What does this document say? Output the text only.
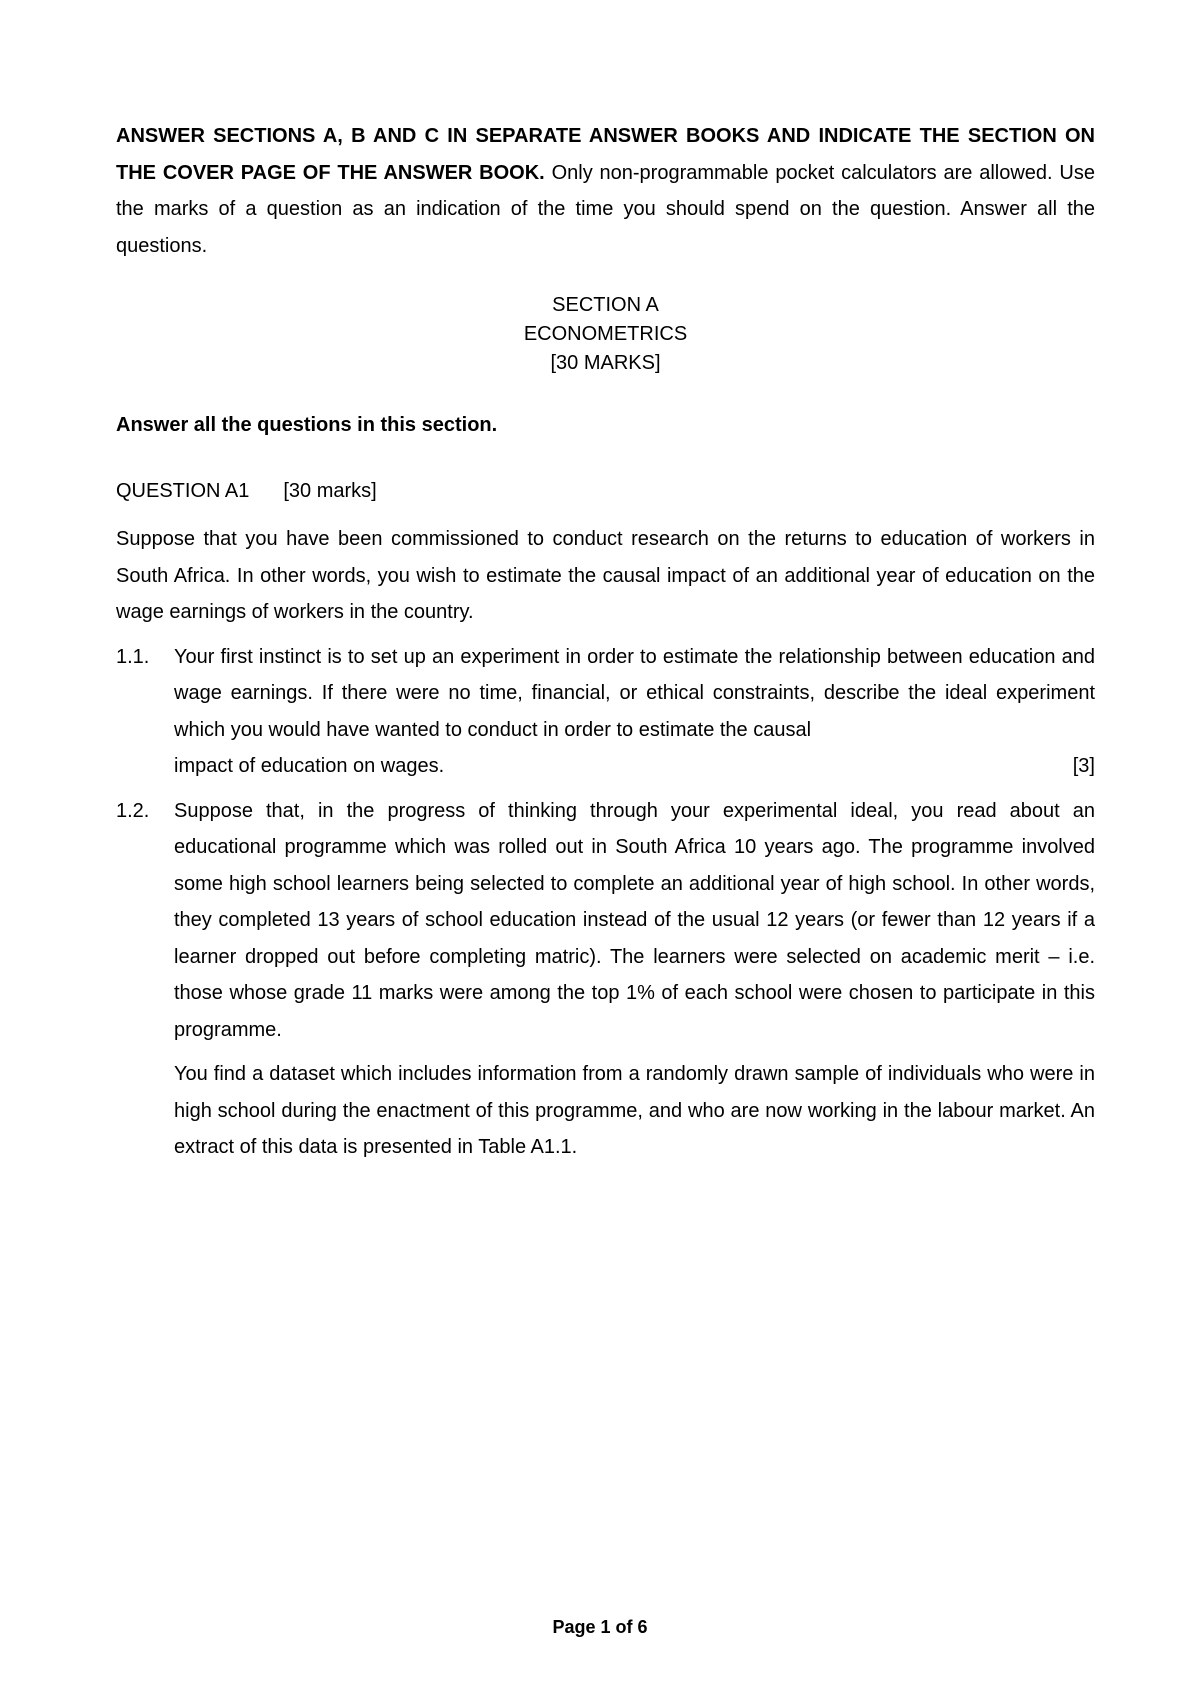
ANSWER SECTIONS A, B AND C IN SEPARATE ANSWER BOOKS AND INDICATE THE SECTION ON THE COVER PAGE OF THE ANSWER BOOK. Only non-programmable pocket calculators are allowed. Use the marks of a question as an indication of the time you should spend on the question. Answer all the questions.

SECTION A
ECONOMETRICS
[30 MARKS]

Answer all the questions in this section.

QUESTION A1 [30 marks]

Suppose that you have been commissioned to conduct research on the returns to education of workers in South Africa. In other words, you wish to estimate the causal impact of an additional year of education on the wage earnings of workers in the country.

1.1.	Your first instinct is to set up an experiment in order to estimate the relationship between education and wage earnings. If there were no time, financial, or ethical constraints, describe the ideal experiment which you would have wanted to conduct in order to estimate the causal

impact of education on wages.	[3]
1.2.	Suppose that, in the progress of thinking through your experimental ideal, you read about an educational programme which was rolled out in South Africa 10 years ago. The programme involved some high school learners being selected to complete an additional year of high school. In other words, they completed 13 years of school education instead of the usual 12 years (or fewer than 12 years if a learner dropped out before completing matric). The learners were selected on academic merit – i.e. those whose grade 11 marks were among the top 1% of each school were chosen to participate in this programme.

You find a dataset which includes information from a randomly drawn sample of individuals who were in high school during the enactment of this programme, and who are now working in the labour market. An extract of this data is presented in Table A1.1.

Page 1 of 6
